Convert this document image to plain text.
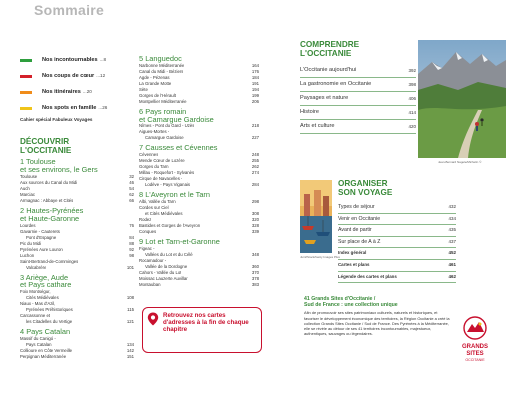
Sommaire
Nos incontournables ...8
Nos coups de cœur ...12
Nos itinéraires ...20
Nos spots en famille ...26
Cahier spécial Fabuleux Voyages
DÉCOUVRIR
L'OCCITANIE
1 Toulouse
et ses environs, le Gers
Toulouse	32
Aux sources du Canal du Midi	46
Auch	54
Marciac	62
Armagnac : Abbaye et Cités	66
2 Hautes-Pyrénées
et Haute-Garonne
Lourdes	76
Gavarnie - Cauterets
Pont d'Espagne	84
Pic du Midi	88
Pyrénées Aure Louron	92
Luchon	98
Saint-Bertrand-de-Comminges
Valcabrère	101
3 Ariège, Aude
et Pays cathare
Foix Montségur,
Cités Médiévales	108
Niaux - Mas d'Azil,
Pyrénées Préhistoriques	115
Carcassonne et
les Citadelles du Vertige	121
4 Pays Catalan
Massif du Canigó -
Pays Catalan	134
Collioure en Côte Vermeille	142
Perpignan Méditerranée	151
5 Languedoc
Narbonne Méditerranée	164
Canal du Midi - Béziers	176
Agde - Pézenas	184
La Grande Motte	191
Sète	194
Gorges de l'Hérault	199
Montpellier Méditerranée	206
6 Pays romain
et Camargue Gardoise
Nîmes - Pont du Gard - Uzès	218
Aigues-Mortes -
Camargue Gardoise	227
7 Causses et Cévennes
Cévennes	248
Mende Cœur de Lozère	255
Gorges du Tarn	262
Millau - Roquefort - Sylvanès	274
Cirque de Navacelles -
Lodève - Pays Viganais	284
8 L'Aveyron et le Tarn
Albi, Vallée du Tarn	298
Cordes sur Ciel
et Cités Médiévales	308
Rodez	320
Bastides et Gorges de l'Aveyron	328
Conques	339
9 Lot et Tarn-et-Garonne
Figeac -
Vallées du Lot et du Célé	348
Rocamadour -
Vallée de la Dordogne	360
Cahors - Vallée du Lot	370
Moissac Lauzerte Auvillar	378
Montauban	383
Retrouvez nos cartes d'adresses à la fin de chaque chapitre
COMPRENDRE
L'OCCITANIE
L'Occitanie aujourd'hui	392
La gastronomie en Occitanie	398
Paysages et nature	406
Histoire	414
Arts et culture	420
Jean-Bernard Nagele/Michelin ©
Jurii/iStock/Getty Images Plus
ORGANISER
SON VOYAGE
Types de séjour	432
Venir en Occitanie	434
Avant de partir	435
Sur place de A à Z	437
Index général	452
Cartes et plans	461
Légende des cartes et plans	462
41 Grands Sites d'Occitanie /
Sud de France : une collection unique
Afin de promouvoir ses sites patrimoniaux culturels, naturels et historiques, et favoriser le développement économique des territoires, la Région Occitanie a créé la collection Grands Sites Occitanie / Sud de France. Des Pyrénées à la Méditerranée, elle se révèle au détour de ses 41 territoires incontournables, majestueux, authentiques, sauvages ou légendaires.
GRANDS
SITES
OCCITANIE
